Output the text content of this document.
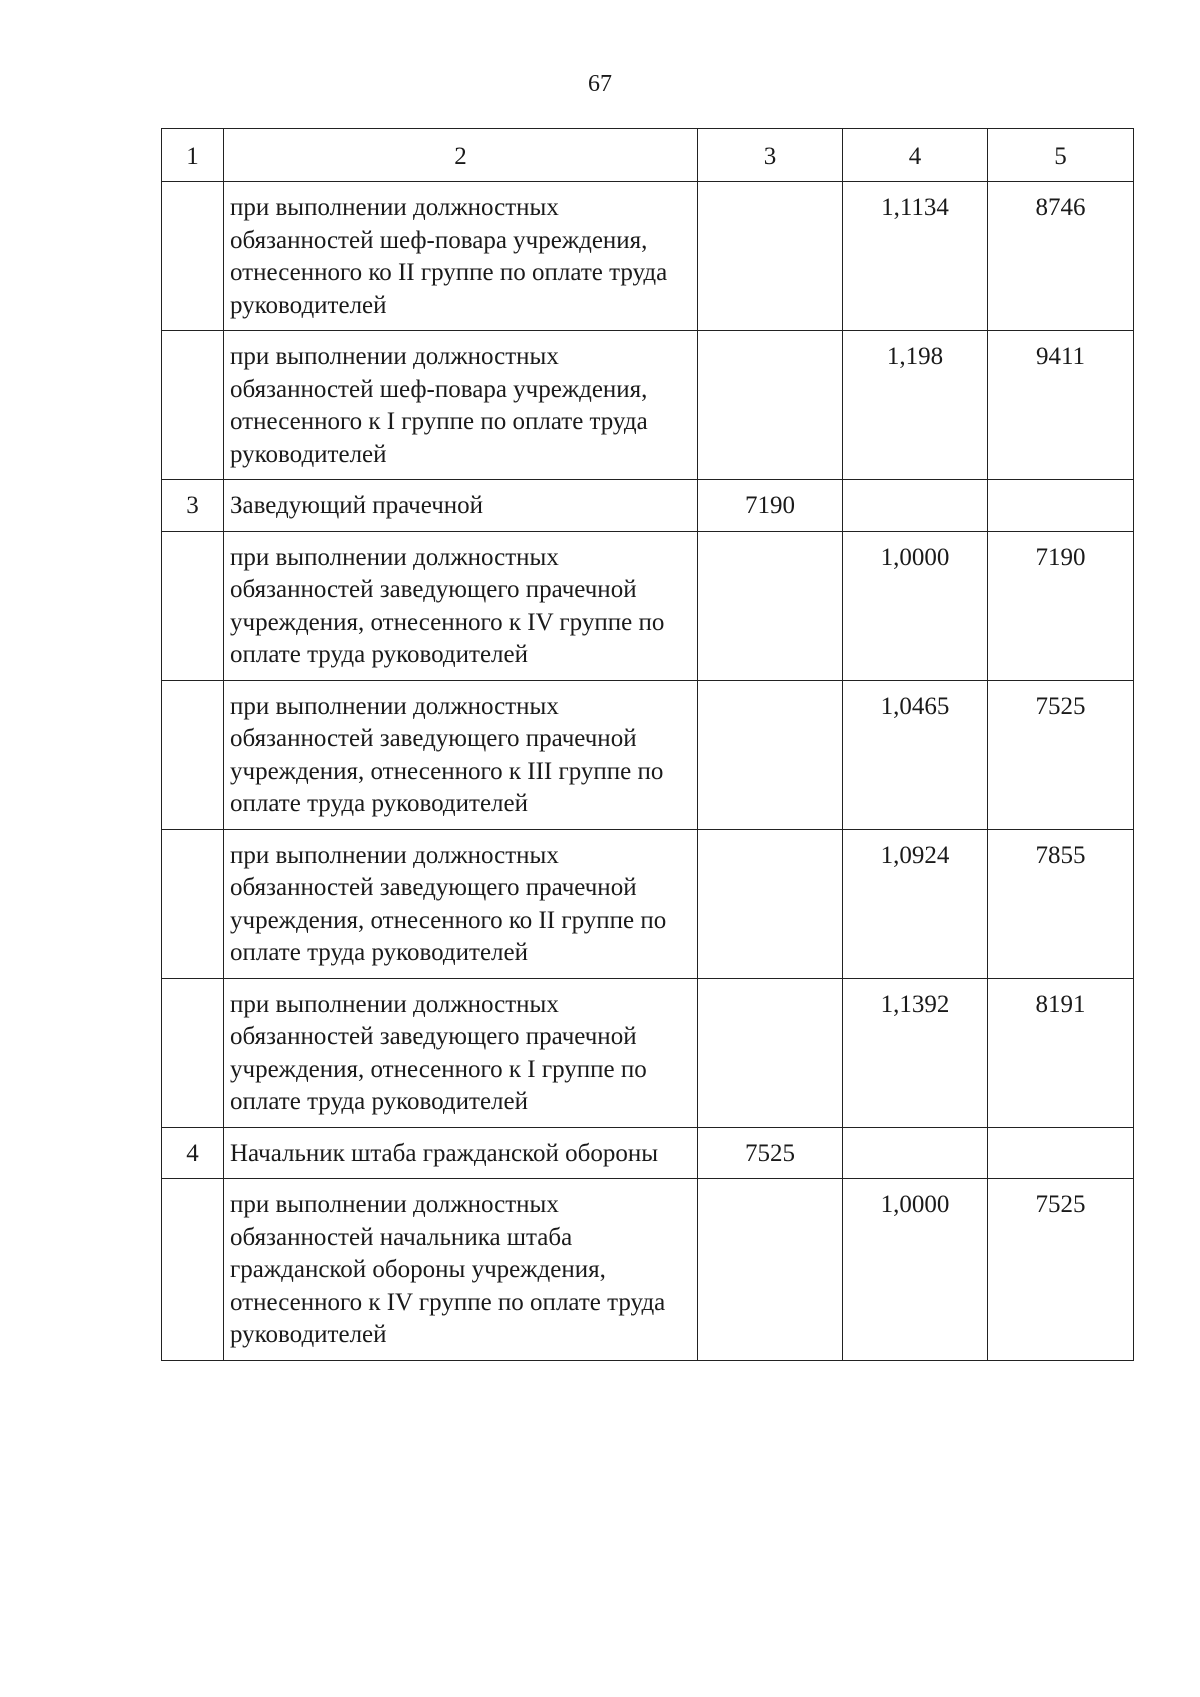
67
1	2	3	4	5
	при выполнении должностных обязанностей шеф-повара учреждения, отнесенного ко II группе по оплате труда руководителей		1,1134	8746
	при выполнении должностных обязанностей шеф-повара учреждения, отнесенного к I группе по оплате труда руководителей		1,198	9411
3	Заведующий прачечной	7190		
	при выполнении должностных обязанностей заведующего прачечной учреждения, отнесенного к IV группе по оплате труда руководителей		1,0000	7190
	при выполнении должностных обязанностей заведующего прачечной учреждения, отнесенного к III группе по оплате труда руководителей		1,0465	7525
	при выполнении должностных обязанностей заведующего прачечной учреждения, отнесенного ко II группе по оплате труда руководителей		1,0924	7855
	при выполнении должностных обязанностей заведующего прачечной учреждения, отнесенного к I группе по оплате труда руководителей		1,1392	8191
4	Начальник штаба гражданской обороны	7525		
	при выполнении должностных обязанностей начальника штаба гражданской обороны учреждения, отнесенного к IV группе по оплате труда руководителей		1,0000	7525
